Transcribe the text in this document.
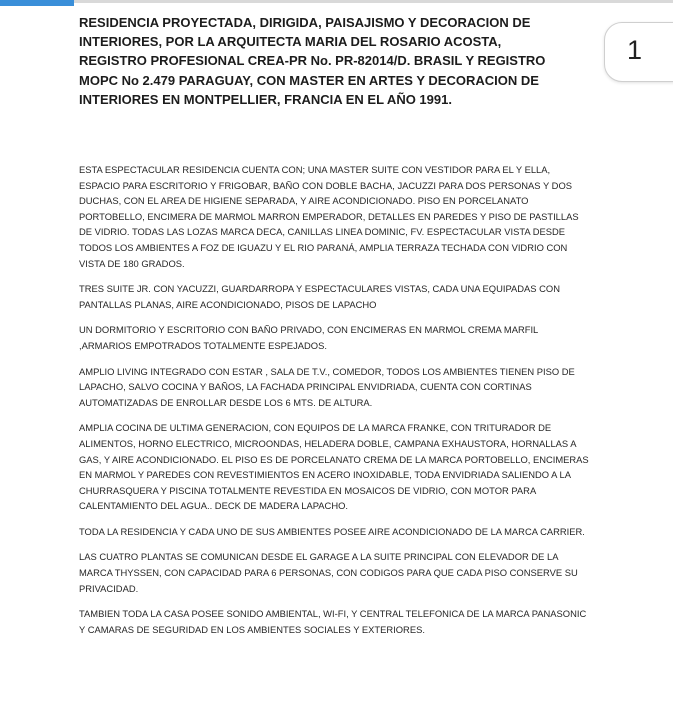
1
RESIDENCIA PROYECTADA, DIRIGIDA, PAISAJISMO Y DECORACION DE INTERIORES, POR LA ARQUITECTA MARIA DEL ROSARIO ACOSTA, REGISTRO PROFESIONAL CREA-PR No. PR-82014/D. BRASIL Y REGISTRO MOPC No 2.479 PARAGUAY, CON MASTER EN ARTES Y DECORACION DE INTERIORES EN MONTPELLIER, FRANCIA EN EL AÑO 1991.

ESTA ESPECTACULAR RESIDENCIA CUENTA CON; UNA MASTER SUITE CON VESTIDOR PARA EL Y ELLA, ESPACIO PARA ESCRITORIO Y FRIGOBAR, BAÑO CON DOBLE BACHA, JACUZZI PARA DOS PERSONAS Y DOS DUCHAS, CON EL AREA DE HIGIENE SEPARADA, Y AIRE ACONDICIONADO. PISO EN PORCELANATO PORTOBELLO, ENCIMERA DE MARMOL MARRON EMPERADOR, DETALLES EN PAREDES Y PISO DE PASTILLAS DE VIDRIO. TODAS LAS LOZAS MARCA DECA, CANILLAS LINEA DOMINIC, FV. ESPECTACULAR VISTA DESDE TODOS LOS AMBIENTES A FOZ DE IGUAZU Y EL RIO PARANÁ, AMPLIA TERRAZA TECHADA CON VIDRIO CON VISTA DE 180 GRADOS.

TRES SUITE JR. CON YACUZZI, GUARDARROPA Y ESPECTACULARES VISTAS, CADA UNA EQUIPADAS CON PANTALLAS PLANAS, AIRE ACONDICIONADO, PISOS DE LAPACHO

UN DORMITORIO Y ESCRITORIO CON BAÑO PRIVADO, CON ENCIMERAS EN MARMOL CREMA MARFIL ,ARMARIOS EMPOTRADOS TOTALMENTE ESPEJADOS.

AMPLIO LIVING INTEGRADO CON ESTAR , SALA DE T.V., COMEDOR, TODOS LOS AMBIENTES TIENEN PISO DE LAPACHO, SALVO COCINA Y BAÑOS, LA FACHADA PRINCIPAL ENVIDRIADA, CUENTA CON CORTINAS AUTOMATIZADAS DE ENROLLAR DESDE LOS 6 MTS. DE ALTURA.

AMPLIA COCINA DE ULTIMA GENERACION, CON EQUIPOS DE LA MARCA FRANKE, CON TRITURADOR DE ALIMENTOS, HORNO ELECTRICO, MICROONDAS, HELADERA DOBLE, CAMPANA EXHAUSTORA, HORNALLAS A GAS, Y AIRE ACONDICIONADO. EL PISO ES DE PORCELANATO CREMA DE LA MARCA PORTOBELLO, ENCIMERAS EN MARMOL Y PAREDES CON REVESTIMIENTOS EN ACERO INOXIDABLE, TODA ENVIDRIADA SALIENDO A LA CHURRASQUERA Y PISCINA TOTALMENTE REVESTIDA EN MOSAICOS DE VIDRIO, CON MOTOR PARA CALENTAMIENTO DEL AGUA.. DECK DE MADERA LAPACHO.

TODA LA RESIDENCIA Y CADA UNO DE SUS AMBIENTES POSEE AIRE ACONDICIONADO DE LA MARCA CARRIER.

LAS CUATRO PLANTAS SE COMUNICAN DESDE EL GARAGE A LA SUITE PRINCIPAL CON ELEVADOR DE LA MARCA THYSSEN, CON CAPACIDAD PARA 6 PERSONAS, CON CODIGOS PARA QUE CADA PISO CONSERVE SU PRIVACIDAD.

TAMBIEN TODA LA CASA POSEE SONIDO AMBIENTAL, WI-FI, Y CENTRAL TELEFONICA DE LA MARCA PANASONIC Y CAMARAS DE SEGURIDAD EN LOS AMBIENTES SOCIALES Y EXTERIORES.
